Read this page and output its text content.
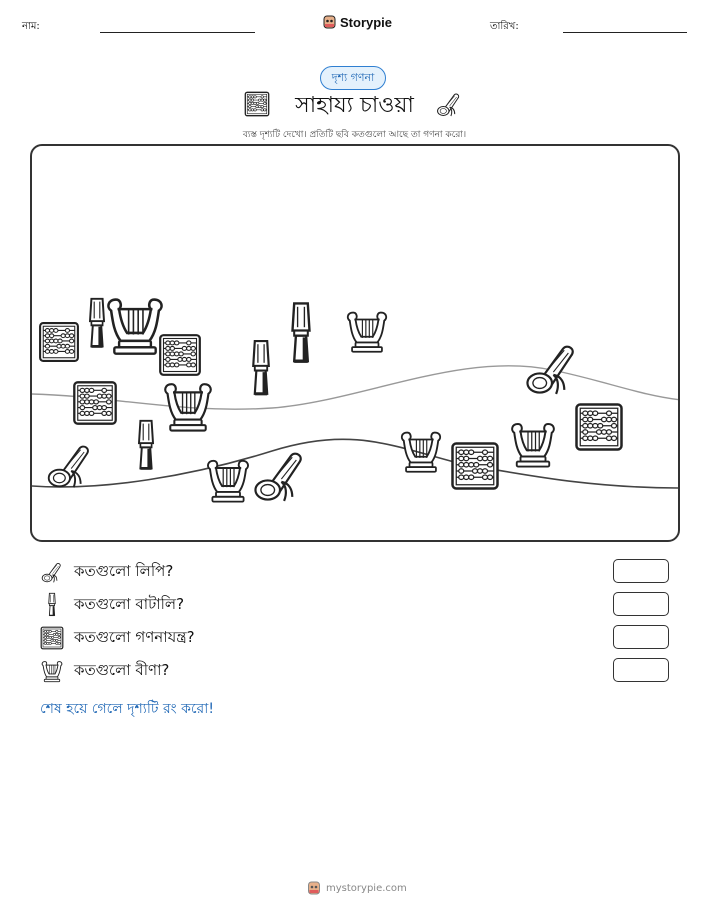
নাম:	Storypie	তারিখ:
দৃশ্য গণনা
সাহায্য চাওয়া
ব্যস্ত দৃশ্যটি দেখো। প্রতিটি ছবি কতগুলো আছে তা গণনা করো।
কতগুলো লিপি?
কতগুলো বাটালি?
কতগুলো গণনাযন্ত্র?
কতগুলো বীণা?
শেষ হয়ে গেলে দৃশ্যটি রং করো!
mystorypie.com
